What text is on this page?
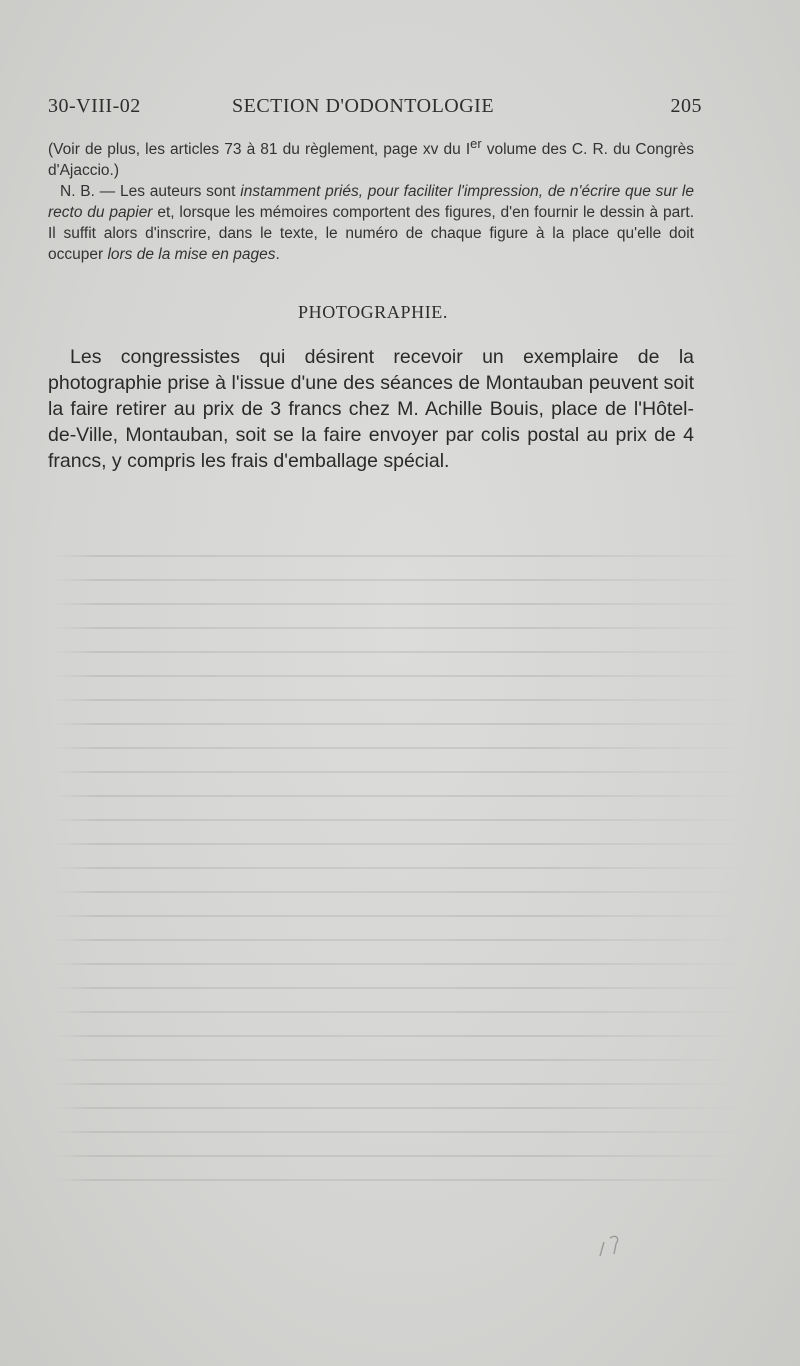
30-VIII-02	SECTION D'ODONTOLOGIE	205

(Voir de plus, les articles 73 à 81 du règlement, page xv du Ier volume des C. R. du Congrès d'Ajaccio.)

N. B. — Les auteurs sont instamment priés, pour faciliter l'impression, de n'écrire que sur le recto du papier et, lorsque les mémoires comportent des figures, d'en fournir le dessin à part. Il suffit alors d'inscrire, dans le texte, le numéro de chaque figure à la place qu'elle doit occuper lors de la mise en pages.

PHOTOGRAPHIE.

Les congressistes qui désirent recevoir un exemplaire de la photographie prise à l'issue d'une des séances de Montauban peuvent soit la faire retirer au prix de 3 francs chez M. Achille Bouis, place de l'Hôtel-de-Ville, Montauban, soit se la faire envoyer par colis postal au prix de 4 francs, y compris les frais d'emballage spécial.
